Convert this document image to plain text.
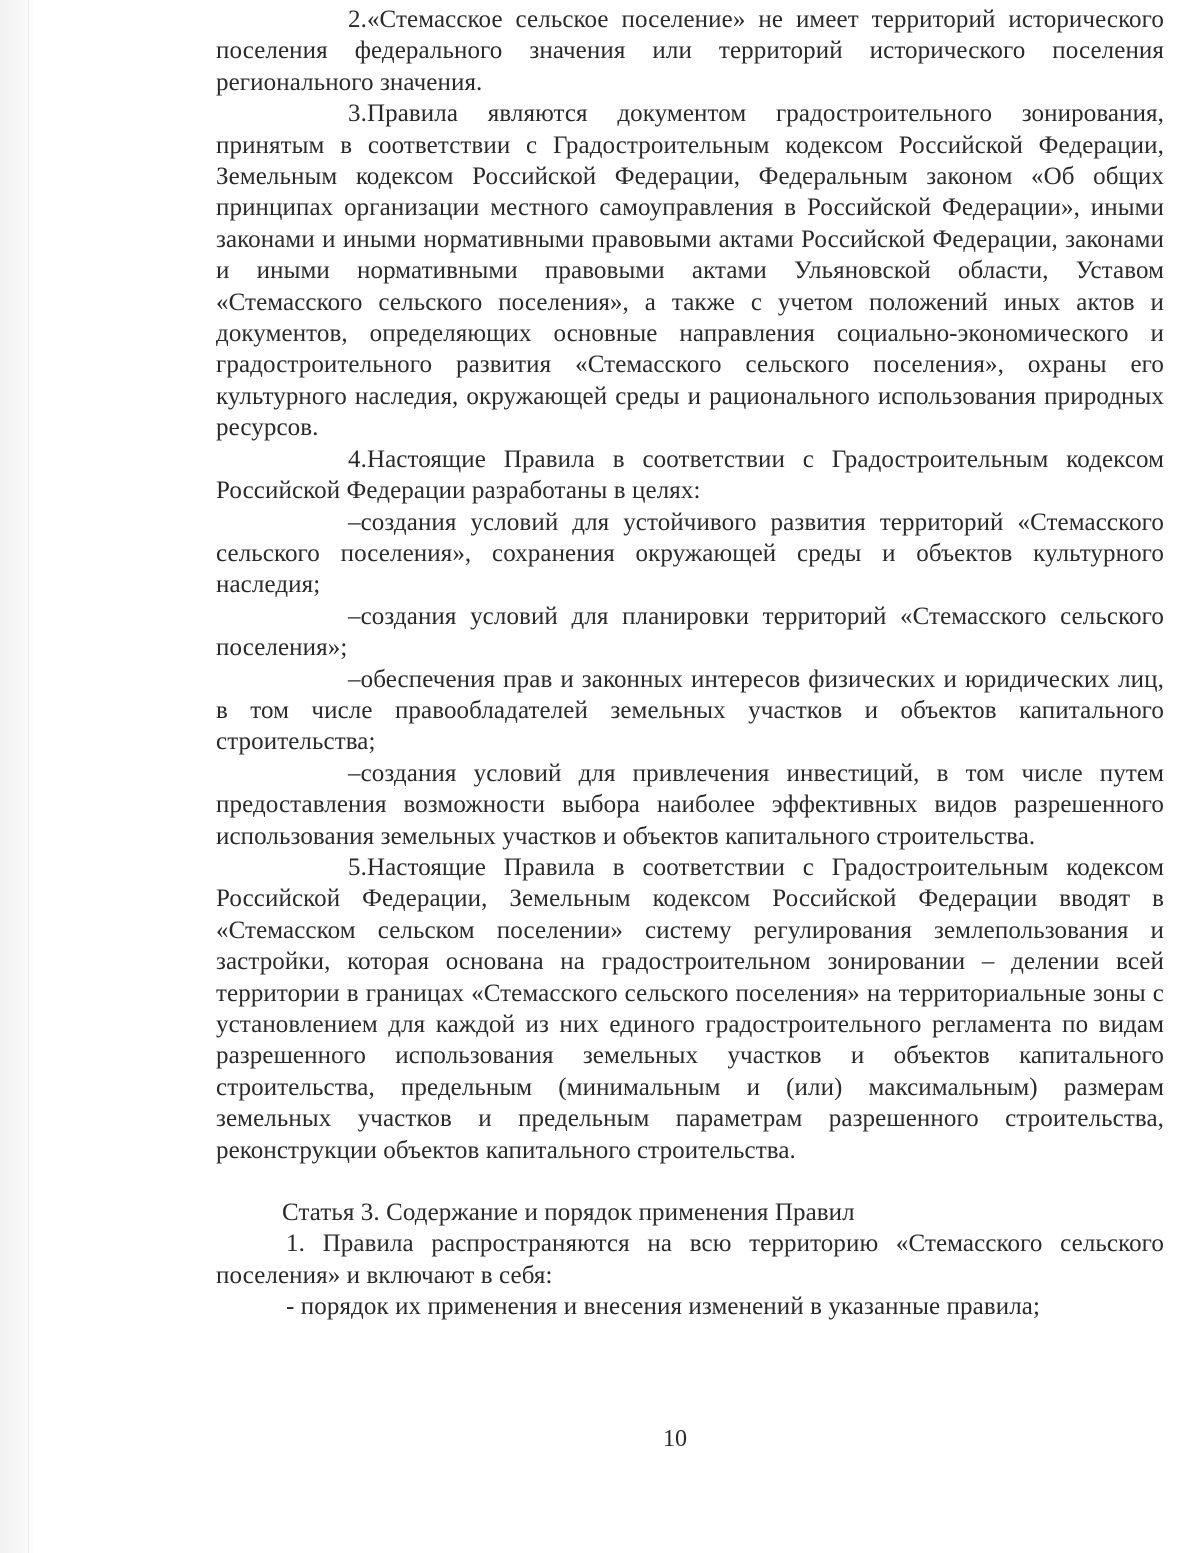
2.«Стемасское сельское поселение» не имеет территорий исторического поселения федерального значения или территорий исторического поселения регионального значения.

3.Правила являются документом градостроительного зонирования, принятым в соответствии с Градостроительным кодексом Российской Федерации, Земельным кодексом Российской Федерации, Федеральным законом «Об общих принципах организации местного самоуправления в Российской Федерации», иными законами и иными нормативными правовыми актами Российской Федерации, законами и иными нормативными правовыми актами Ульяновской области, Уставом «Стемасского сельского поселения», а также с учетом положений иных актов и документов, определяющих основные направления социально-экономического и градостроительного развития «Стемасского сельского поселения», охраны его культурного наследия, окружающей среды и рационального использования природных ресурсов.

4.Настоящие Правила в соответствии с Градостроительным кодексом Российской Федерации разработаны в целях:

–создания условий для устойчивого развития территорий «Стемасского сельского поселения», сохранения окружающей среды и объектов культурного наследия;

–создания условий для планировки территорий «Стемасского сельского поселения»;

–обеспечения прав и законных интересов физических и юридических лиц, в том числе правообладателей земельных участков и объектов капитального строительства;

–создания условий для привлечения инвестиций, в том числе путем предоставления возможности выбора наиболее эффективных видов разрешенного использования земельных участков и объектов капитального строительства.

5.Настоящие Правила в соответствии с Градостроительным кодексом Российской Федерации, Земельным кодексом Российской Федерации вводят в «Стемасском сельском поселении» систему регулирования землепользования и застройки, которая основана на градостроительном зонировании – делении всей территории в границах «Стемасского сельского поселения» на территориальные зоны с установлением для каждой из них единого градостроительного регламента по видам разрешенного использования земельных участков и объектов капитального строительства, предельным (минимальным и (или) максимальным) размерам земельных участков и предельным параметрам разрешенного строительства, реконструкции объектов капитального строительства.

Статья 3. Содержание и порядок применения Правил

1. Правила распространяются на всю территорию «Стемасского сельского поселения» и включают в себя:

- порядок их применения и внесения изменений в указанные правила;

10
